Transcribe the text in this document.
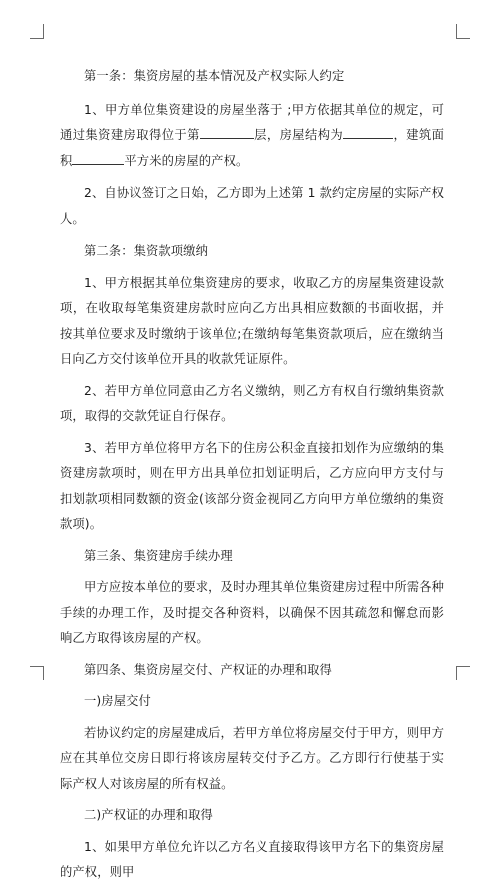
第一条：集资房屋的基本情况及产权实际人约定

1、甲方单位集资建设的房屋坐落于 ;甲方依据其单位的规定，可通过集资建房取得位于第	层，房屋结构为	，建筑面积	平方米的房屋的产权。

2、自协议签订之日始，乙方即为上述第 1 款约定房屋的实际产权人。

第二条：集资款项缴纳

1、甲方根据其单位集资建房的要求，收取乙方的房屋集资建设款项，在收取每笔集资建房款时应向乙方出具相应数额的书面收据，并按其单位要求及时缴纳于该单位;在缴纳每笔集资款项后，应在缴纳当日向乙方交付该单位开具的收款凭证原件。

2、若甲方单位同意由乙方名义缴纳，则乙方有权自行缴纳集资款项，取得的交款凭证自行保存。

3、若甲方单位将甲方名下的住房公积金直接扣划作为应缴纳的集资建房款项时，则在甲方出具单位扣划证明后，乙方应向甲方支付与扣划款项相同数额的资金(该部分资金视同乙方向甲方单位缴纳的集资款项)。

第三条、集资建房手续办理

甲方应按本单位的要求，及时办理其单位集资建房过程中所需各种手续的办理工作，及时提交各种资料，以确保不因其疏忽和懈怠而影响乙方取得该房屋的产权。

第四条、集资房屋交付、产权证的办理和取得

一)房屋交付

若协议约定的房屋建成后，若甲方单位将房屋交付于甲方，则甲方应在其单位交房日即行将该房屋转交付予乙方。乙方即行行使基于实际产权人对该房屋的所有权益。

二)产权证的办理和取得

1、如果甲方单位允许以乙方名义直接取得该甲方名下的集资房屋的产权，则甲
